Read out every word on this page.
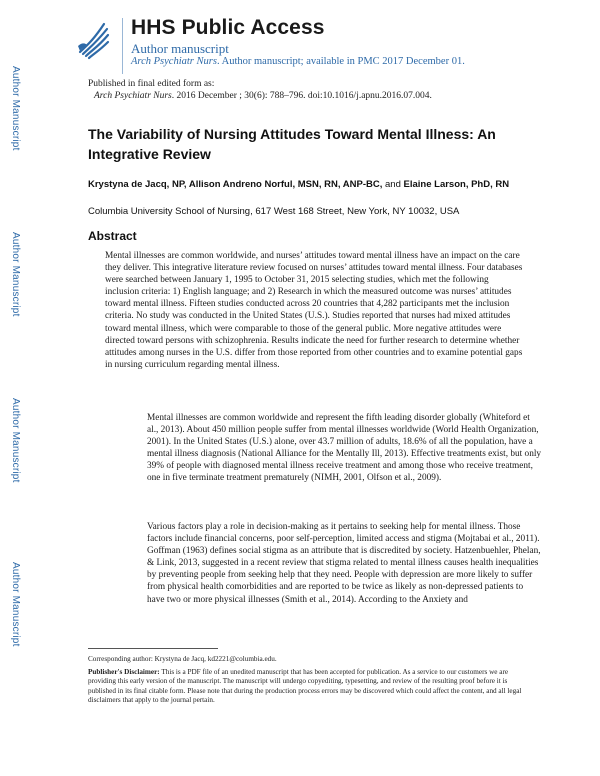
HHS Public Access
Author manuscript
Arch Psychiatr Nurs. Author manuscript; available in PMC 2017 December 01.
Published in final edited form as:
Arch Psychiatr Nurs. 2016 December ; 30(6): 788–796. doi:10.1016/j.apnu.2016.07.004.
Author Manuscript
Author Manuscript
Author Manuscript
Author Manuscript
The Variability of Nursing Attitudes Toward Mental Illness: An Integrative Review
Krystyna de Jacq, NP, Allison Andreno Norful, MSN, RN, ANP-BC, and Elaine Larson, PhD, RN
Columbia University School of Nursing, 617 West 168 Street, New York, NY 10032, USA
Abstract
Mental illnesses are common worldwide, and nurses’ attitudes toward mental illness have an impact on the care they deliver. This integrative literature review focused on nurses’ attitudes toward mental illness. Four databases were searched between January 1, 1995 to October 31, 2015 selecting studies, which met the following inclusion criteria: 1) English language; and 2) Research in which the measured outcome was nurses’ attitudes toward mental illness. Fifteen studies conducted across 20 countries that 4,282 participants met the inclusion criteria. No study was conducted in the United States (U.S.). Studies reported that nurses had mixed attitudes toward mental illness, which were comparable to those of the general public. More negative attitudes were directed toward persons with schizophrenia. Results indicate the need for further research to determine whether attitudes among nurses in the U.S. differ from those reported from other countries and to examine potential gaps in nursing curriculum regarding mental illness.
Mental illnesses are common worldwide and represent the fifth leading disorder globally (Whiteford et al., 2013). About 450 million people suffer from mental illnesses worldwide (World Health Organization, 2001). In the United States (U.S.) alone, over 43.7 million of adults, 18.6% of all the population, have a mental illness diagnosis (National Alliance for the Mentally Ill, 2013). Effective treatments exist, but only 39% of people with diagnosed mental illness receive treatment and among those who receive treatment, one in five terminate treatment prematurely (NIMH, 2001, Olfson et al., 2009).
Various factors play a role in decision-making as it pertains to seeking help for mental illness. Those factors include financial concerns, poor self-perception, limited access and stigma (Mojtabai et al., 2011). Goffman (1963) defines social stigma as an attribute that is discredited by society. Hatzenbuehler, Phelan, & Link, 2013, suggested in a recent review that stigma related to mental illness causes health inequalities by preventing people from seeking help that they need. People with depression are more likely to suffer from physical health comorbidities and are reported to be twice as likely as non-depressed patients to have two or more physical illnesses (Smith et al., 2014). According to the Anxiety and
Corresponding author: Krystyna de Jacq, kd2221@columbia.edu.
Publisher's Disclaimer: This is a PDF file of an unedited manuscript that has been accepted for publication. As a service to our customers we are providing this early version of the manuscript. The manuscript will undergo copyediting, typesetting, and review of the resulting proof before it is published in its final citable form. Please note that during the production process errors may be discovered which could affect the content, and all legal disclaimers that apply to the journal pertain.
